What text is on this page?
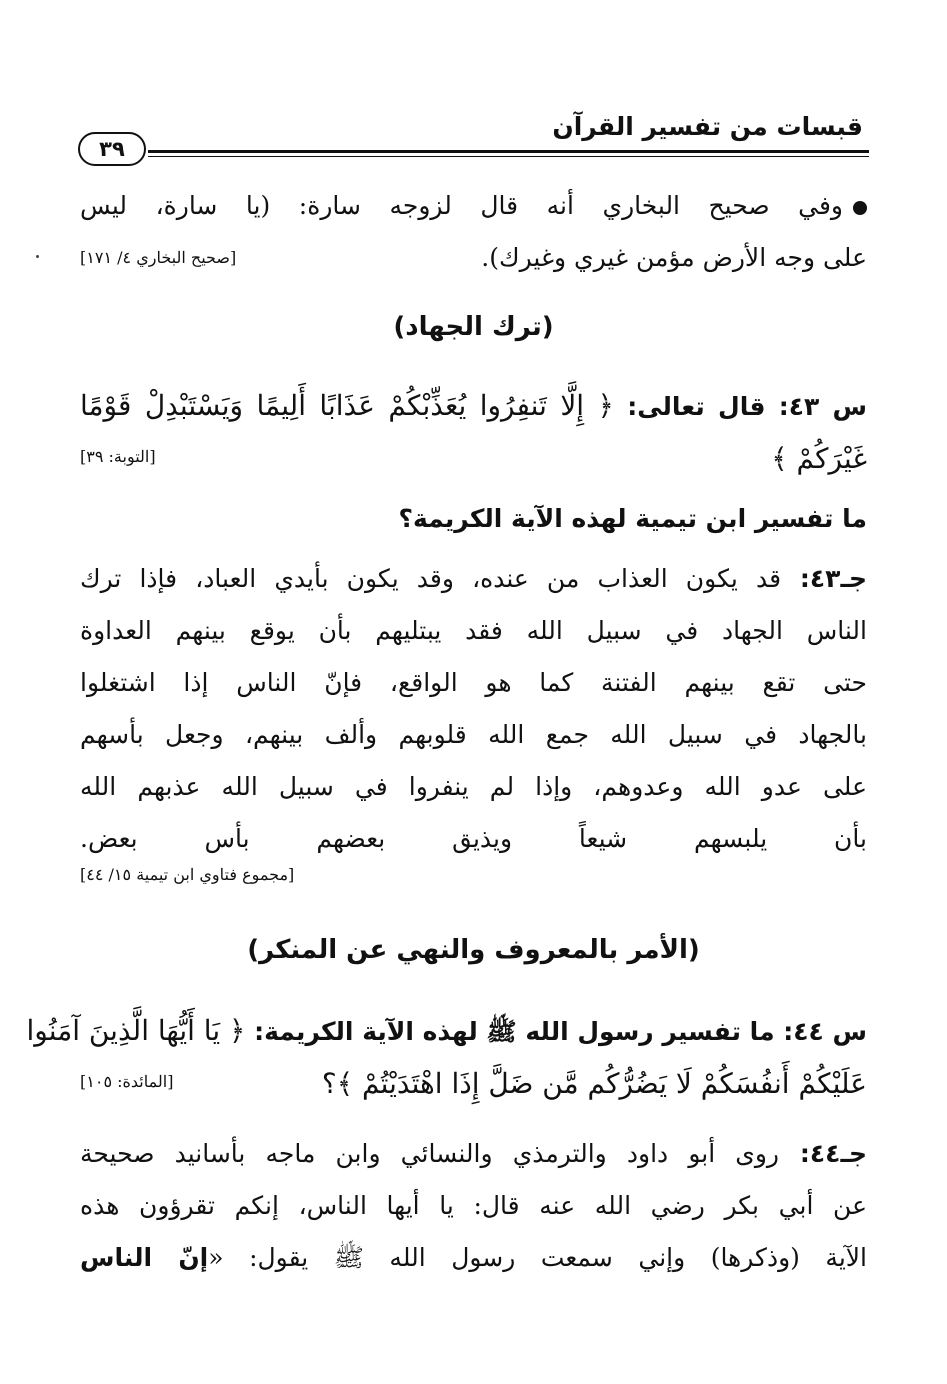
قبسات من تفسير القرآن
٣٩
وفي صحيح البخاري أنه قال لزوجه سارة: (يا سارة، ليس
على وجه الأرض مؤمن غيري وغيرك).
[صحيح البخاري ٤/ ١٧١]
(ترك الجهاد)
س ٤٣: قال تعالى: ﴿ إِلَّا تَنفِرُوا يُعَذِّبْكُمْ عَذَابًا أَلِيمًا وَيَسْتَبْدِلْ قَوْمًا
غَيْرَكُمْ ﴾
[التوبة: ٣٩]
ما تفسير ابن تيمية لهذه الآية الكريمة؟
جـ٤٣: قد يكون العذاب من عنده، وقد يكون بأيدي العباد، فإذا ترك
الناس الجهاد في سبيل الله فقد يبتليهم بأن يوقع بينهم العداوة
حتى تقع بينهم الفتنة كما هو الواقع، فإنّ الناس إذا اشتغلوا
بالجهاد في سبيل الله جمع الله قلوبهم وألف بينهم، وجعل بأسهم
على عدو الله وعدوهم، وإذا لم ينفروا في سبيل الله عذبهم الله
بأن يلبسهم شيعاً ويذيق بعضهم بأس بعض.
[مجموع فتاوي ابن تيمية ١٥/ ٤٤]
(الأمر بالمعروف والنهي عن المنكر)
س ٤٤: ما تفسير رسول الله ﷺ لهذه الآية الكريمة: ﴿ يَا أَيُّهَا الَّذِينَ آمَنُوا
عَلَيْكُمْ أَنفُسَكُمْ لَا يَضُرُّكُم مَّن ضَلَّ إِذَا اهْتَدَيْتُمْ ﴾؟
[المائدة: ١٠٥]
جـ٤٤: روى أبو داود والترمذي والنسائي وابن ماجه بأسانيد صحيحة
عن أبي بكر رضي الله عنه قال: يا أيها الناس، إنكم تقرؤون هذه
الآية (وذكرها) وإني سمعت رسول الله ﷺ يقول: «إنّ الناس
